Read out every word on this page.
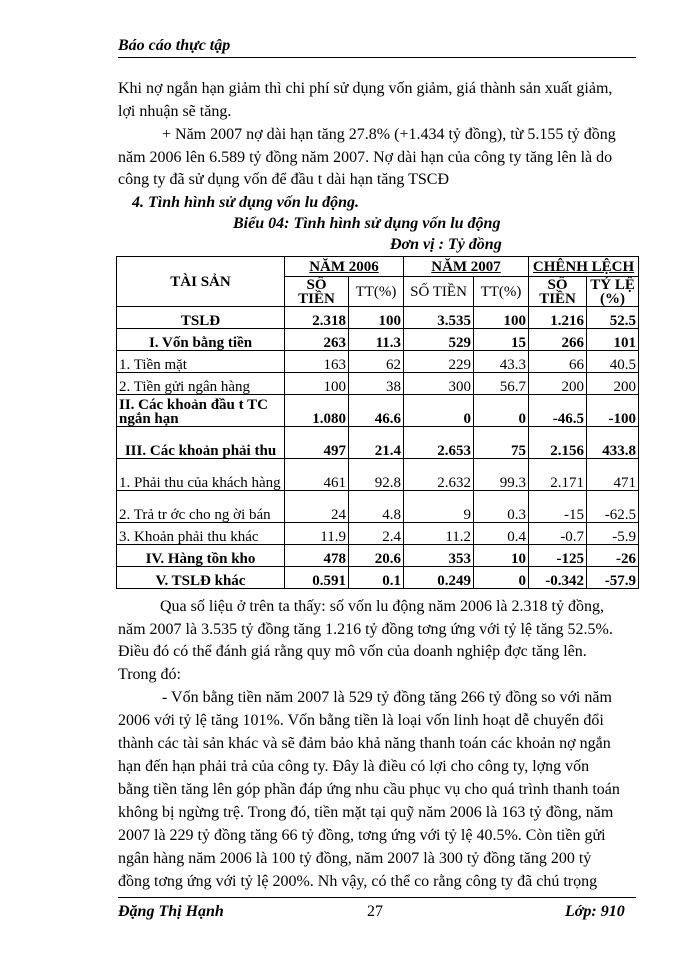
Báo cáo thực tập
Khi nợ ngắn hạn giảm thì chi phí sử dụng vốn giảm, giá thành sản xuất giảm,
lợi nhuận sẽ tăng.
+ Năm 2007 nợ dài hạn tăng 27.8% (+1.434 tỷ đồng), từ 5.155 tỷ đồng
năm 2006 lên 6.589 tỷ đồng năm 2007. Nợ dài hạn của công ty tăng lên là do
công ty đã sử dụng vốn để đầu t dài hạn tăng TSCĐ
4. Tình hình sử dụng vốn lu động.
Biểu 04: Tình hình sử dụng vốn lu động
Đơn vị : Tỷ đồng
TÀI SẢN	NĂM 2006		NĂM 2007		CHÊNH LỆCH	
	SỐ TIỀN	TT(%)	SỐ TIỀN	TT(%)	SỐ TIỀN	TỶ LỆ (%)
TSLĐ	2.318	100	3.535	100	1.216	52.5
I. Vốn bằng tiền	263	11.3	529	15	266	101
1. Tiền mặt	163	62	229	43.3	66	40.5
2. Tiền gửi ngân hàng	100	38	300	56.7	200	200
II. Các khoản đầu t TC ngắn hạn	1.080	46.6	0	0	-46.5	-100
III. Các khoản phải thu	497	21.4	2.653	75	2.156	433.8
1. Phải thu của khách hàng	461	92.8	2.632	99.3	2.171	471
2. Trả tr ớc cho ng ời bán	24	4.8	9	0.3	-15	-62.5
3. Khoản phải thu khác	11.9	2.4	11.2	0.4	-0.7	-5.9
IV. Hàng tồn kho	478	20.6	353	10	-125	-26
V. TSLĐ khác	0.591	0.1	0.249	0	-0.342	-57.9
Qua số liệu ở trên ta thấy: số vốn lu động năm 2006 là 2.318 tỷ đồng,
năm 2007 là 3.535 tỷ đồng tăng 1.216 tỷ đồng tơng ứng với tỷ lệ tăng 52.5%.
Điều đó có thể đánh giá rằng quy mô vốn của doanh nghiệp đợc tăng lên.
Trong đó:
- Vốn bằng tiền năm 2007 là 529 tỷ đồng tăng 266 tỷ đồng so với năm
2006 với tỷ lệ tăng 101%. Vốn bằng tiền là loại vốn linh hoạt dễ chuyển đổi
thành các tài sản khác và sẽ đảm bảo khả năng thanh toán các khoản nợ ngắn
hạn đến hạn phải trả của công ty. Đây là điều có lợi cho công ty, lợng vốn
bằng tiền tăng lên góp phần đáp ứng nhu cầu phục vụ cho quá trình thanh toán
không bị ngừng trệ. Trong đó, tiền mặt tại quỹ năm 2006 là 163 tỷ đồng, năm
2007 là 229 tỷ đồng tăng 66 tỷ đồng, tơng ứng với tỷ lệ 40.5%. Còn tiền gửi
ngân hàng năm 2006 là 100 tỷ đồng, năm 2007 là 300 tỷ đồng tăng 200 tỷ
đồng tơng ứng với tỷ lệ 200%. Nh vậy, có thể co rằng công ty đã chú trọng
Đặng Thị Hạnh	27	Lớp: 910
